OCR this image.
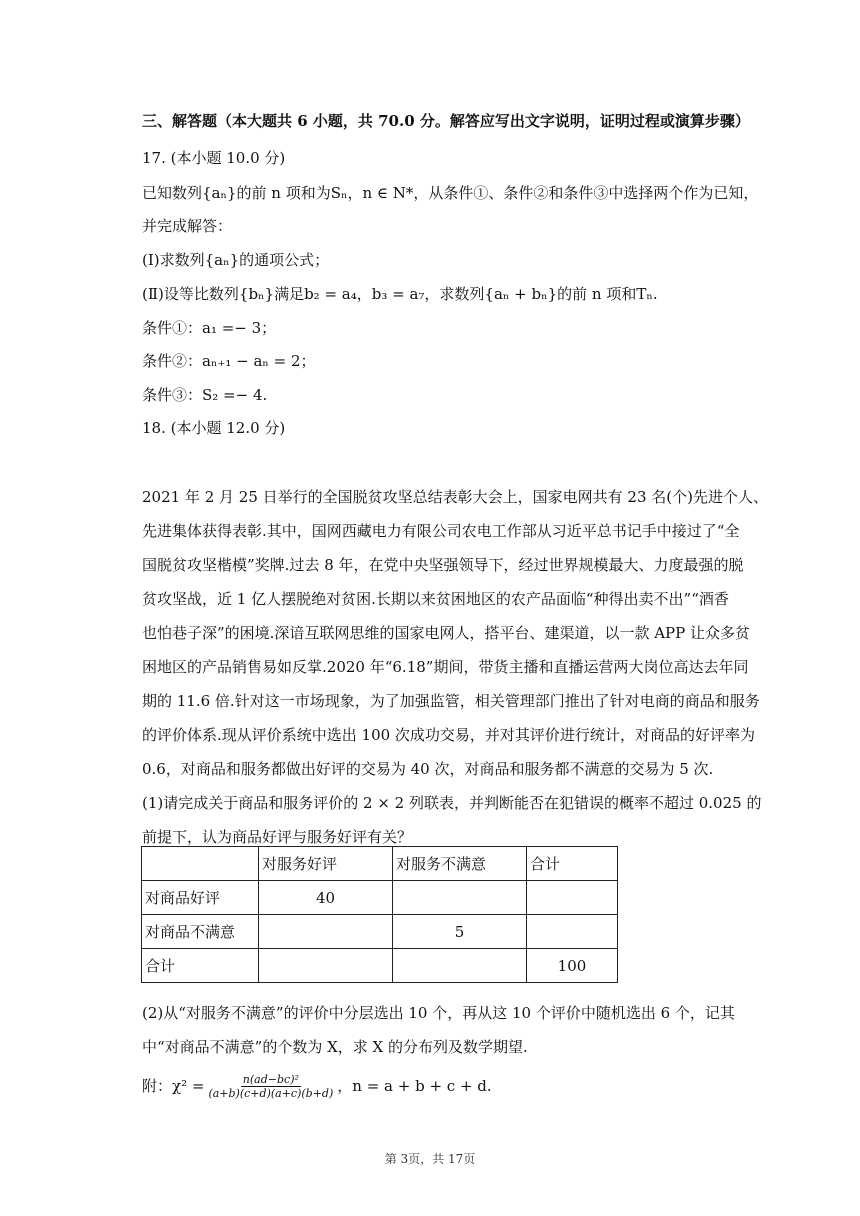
三、解答题（本大题共 6 小题，共 70.0 分。解答应写出文字说明，证明过程或演算步骤）
17. (本小题 10.0 分)
已知数列{aₙ}的前 n 项和为Sₙ，n ∈ N*，从条件①、条件②和条件③中选择两个作为已知，
并完成解答：
(Ⅰ)求数列{aₙ}的通项公式；
(Ⅱ)设等比数列{bₙ}满足b₂ = a₄，b₃ = a₇，求数列{aₙ + bₙ}的前 n 项和Tₙ.
条件①：a₁ =− 3；
条件②：aₙ₊₁ − aₙ = 2；
条件③：S₂ =− 4.
18. (本小题 12.0 分)
2021 年 2 月 25 日举行的全国脱贫攻坚总结表彰大会上，国家电网共有 23 名(个)先进个人、
先进集体获得表彰.其中，国网西藏电力有限公司农电工作部从习近平总书记手中接过了“全
国脱贫攻坚楷模”奖牌.过去 8 年，在党中央坚强领导下，经过世界规模最大、力度最强的脱
贫攻坚战，近 1 亿人摆脱绝对贫困.长期以来贫困地区的农产品面临“种得出卖不出”“酒香
也怕巷子深”的困境.深谙互联网思维的国家电网人，搭平台、建渠道，以一款 APP 让众多贫
困地区的产品销售易如反掌.2020 年“6.18”期间，带货主播和直播运营两大岗位高达去年同
期的 11.6 倍.针对这一市场现象，为了加强监管，相关管理部门推出了针对电商的商品和服务
的评价体系.现从评价系统中选出 100 次成功交易，并对其评价进行统计，对商品的好评率为
0.6，对商品和服务都做出好评的交易为 40 次，对商品和服务都不满意的交易为 5 次.
(1)请完成关于商品和服务评价的 2 × 2 列联表，并判断能否在犯错误的概率不超过 0.025 的
前提下，认为商品好评与服务好评有关？
	对服务好评	对服务不满意	合计
对商品好评	40		
对商品不满意		5	
合计			100
(2)从“对服务不满意”的评价中分层选出 10 个，再从这 10 个评价中随机选出 6 个，记其
中“对商品不满意”的个数为 X，求 X 的分布列及数学期望.
附：$\chi^2 = \frac{\text{n(ad−bc)²}}{(a+b)(c+d)(a+c)(b+d)}$ ，n = a + b + c + d.
第 3页，共 17页
